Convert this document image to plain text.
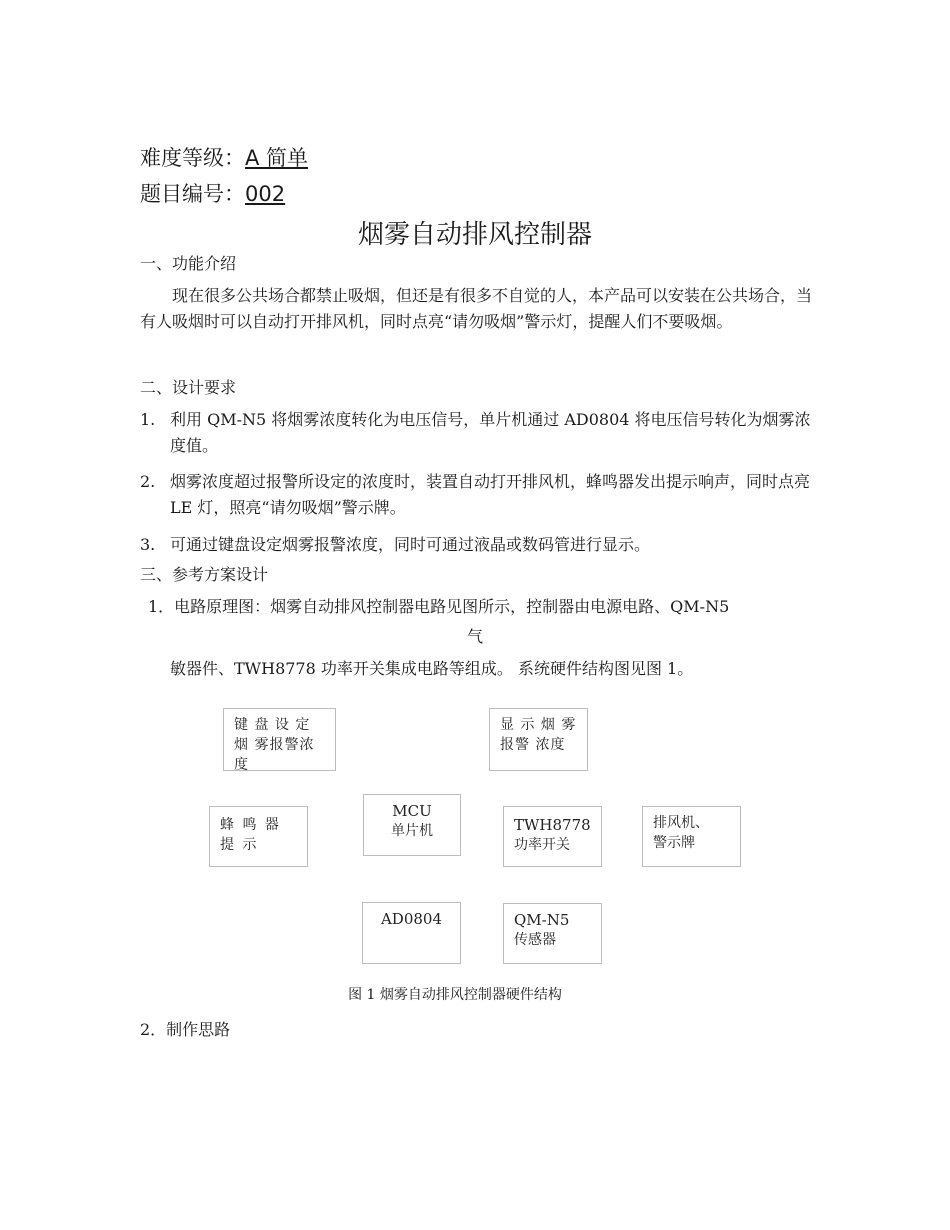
难度等级：A 简单
题目编号：002
烟雾自动排风控制器
一、功能介绍
现在很多公共场合都禁止吸烟，但还是有很多不自觉的人，本产品可以安装在公共场合，当有人吸烟时可以自动打开排风机，同时点亮“请勿吸烟”警示灯，提醒人们不要吸烟。
二、设计要求
1. 利用 QM-N5 将烟雾浓度转化为电压信号，单片机通过 AD0804 将电压信号转化为烟雾浓度值。
2. 烟雾浓度超过报警所设定的浓度时，装置自动打开排风机，蜂鸣器发出提示响声，同时点亮 LE 灯，照亮“请勿吸烟”警示牌。
3. 可通过键盘设定烟雾报警浓度，同时可通过液晶或数码管进行显示。
三、参考方案设计
1．电路原理图：烟雾自动排风控制器电路见图所示，控制器由电源电路、QM-N5
气
敏器件、TWH8778 功率开关集成电路等组成。 系统硬件结构图见图 1。
键 盘 设 定 烟 雾报警浓度
显 示 烟 雾 报警 浓度
蜂 鸣 器 提 示
MCU
单片机	TWH8778
功率开关
排风机、
警示牌
AD0804	QM-N5
传感器
图 1 烟雾自动排风控制器硬件结构
2．制作思路
